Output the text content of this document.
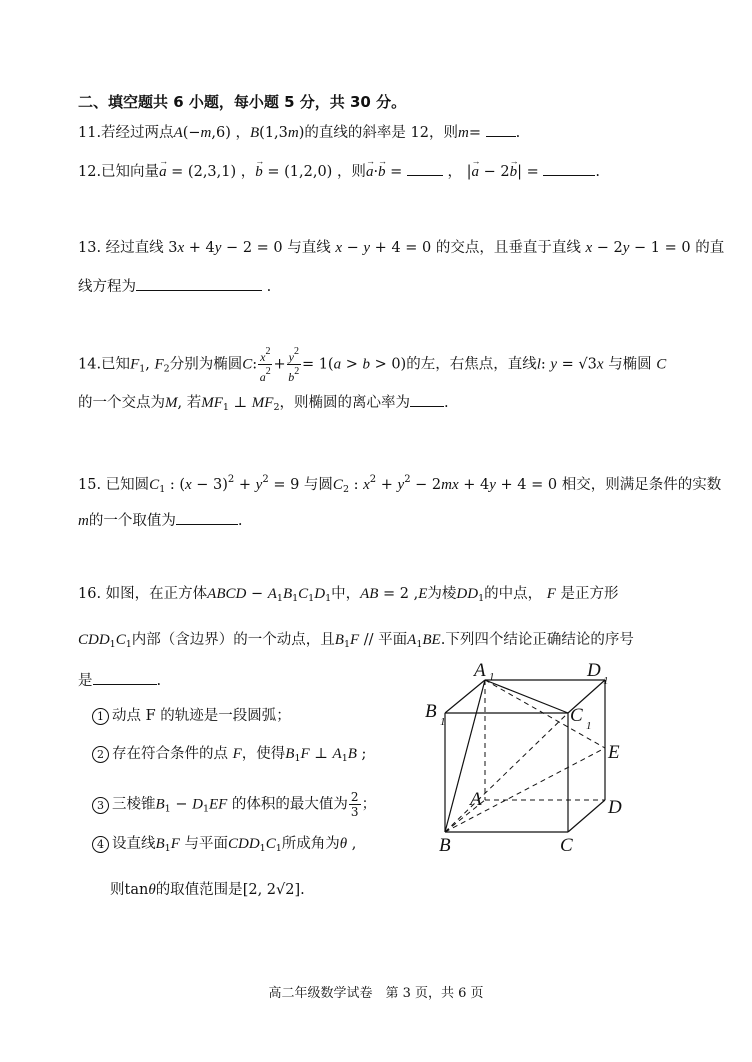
二、填空题共 6 小题，每小题 5 分，共 30 分。
11.若经过两点A(−m,6) ，B(1,3m)的直线的斜率是 12，则m= .
12.已知向量→ a = (2,3,1) ，→ b = (1,2,0) ，则→ a·→ b =  ， |→ a − 2→ b| =	.
13. 经过直线 3x + 4y − 2 = 0 与直线 x − y + 4 = 0 的交点，且垂直于直线 x − 2y − 1 = 0 的直
线方程为	.
14.已知$F_1$, $F_2$分别为椭圆C: $\frac{x^2}{a^2} + \frac{y^2}{b^2} = 1(a > b > 0)$的左，右焦点，直线l: y = √3x 与椭圆 C
的一个交点为M, 若$MF_1$ ⊥ $MF_2$，则椭圆的离心率为 .
15. 已知圆$C_1$ : $(x - 3)^2 + y^2 = 9$ 与圆$C_2$ : $x^2 + y^2 - 2mx + 4y + 4 = 0$ 相交，则满足条件的实数
m的一个取值为	.
16. 如图，在正方体ABCD − $A_1B_1C_1D_1$中，AB = 2 ,E为棱$DD_1$的中点， F 是正方形
$CDD_1C_1$内部（含边界）的一个动点，且$B_1F$ // 平面$A_1BE$.下列四个结论正确结论的序号
是	.
1 动点 F 的轨迹是一段圆弧；
2 存在符合条件的点 F，使得$B_1F$ ⊥ $A_1B$ ;
3 三棱锥$B_1 - D_1EF$ 的体积的最大值为 $\frac{2}{3}$ ；
4 设直线$B_1F$ 与平面$CDD_1C_1$所成角为θ ,
则tanθ的取值范围是[2, 2√2].
A 1	D 1
B 1	C 1
E
A	D
B	C
高二年级数学试卷　第 3 页，共 6 页
